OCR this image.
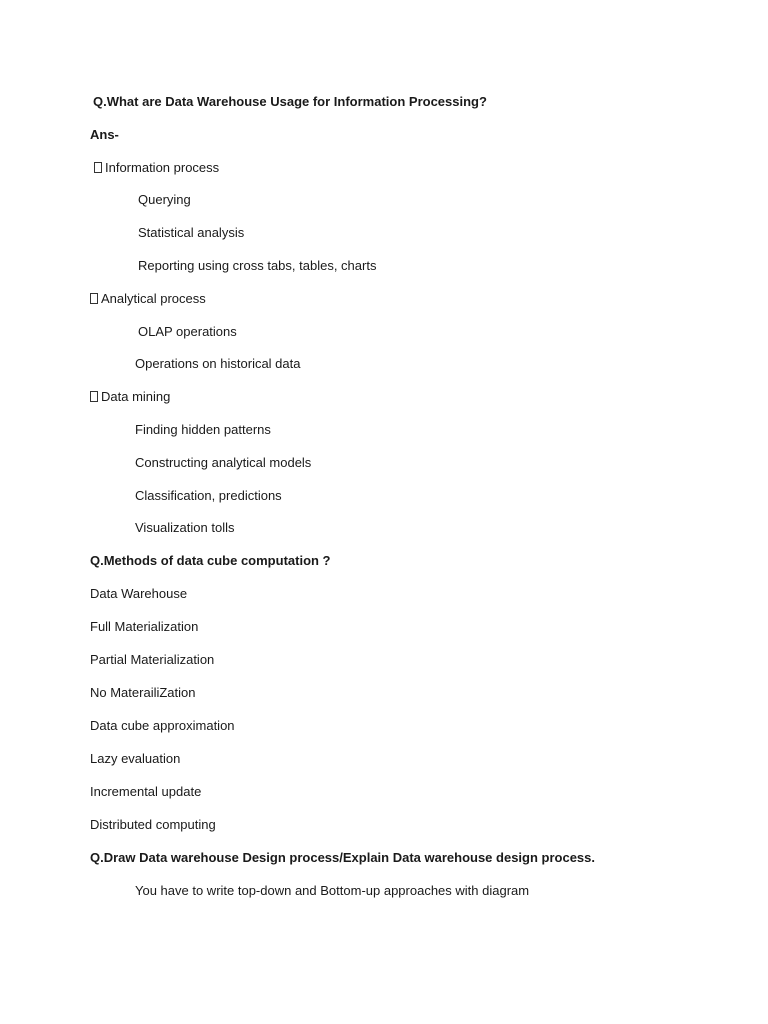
Q.What are Data Warehouse Usage for Information Processing?
Ans-
Information process
Querying
Statistical analysis
Reporting using cross tabs, tables, charts
Analytical process
OLAP operations
Operations on historical data
Data mining
Finding hidden patterns
Constructing analytical models
Classification, predictions
Visualization tolls
Q.Methods of data cube computation ?
Data Warehouse
Full Materialization
Partial Materialization
No MaterailiZation
Data cube approximation
Lazy evaluation
Incremental update
Distributed computing
Q.Draw Data warehouse Design process/Explain Data warehouse design process.
You have to write top-down and Bottom-up approaches with diagram
